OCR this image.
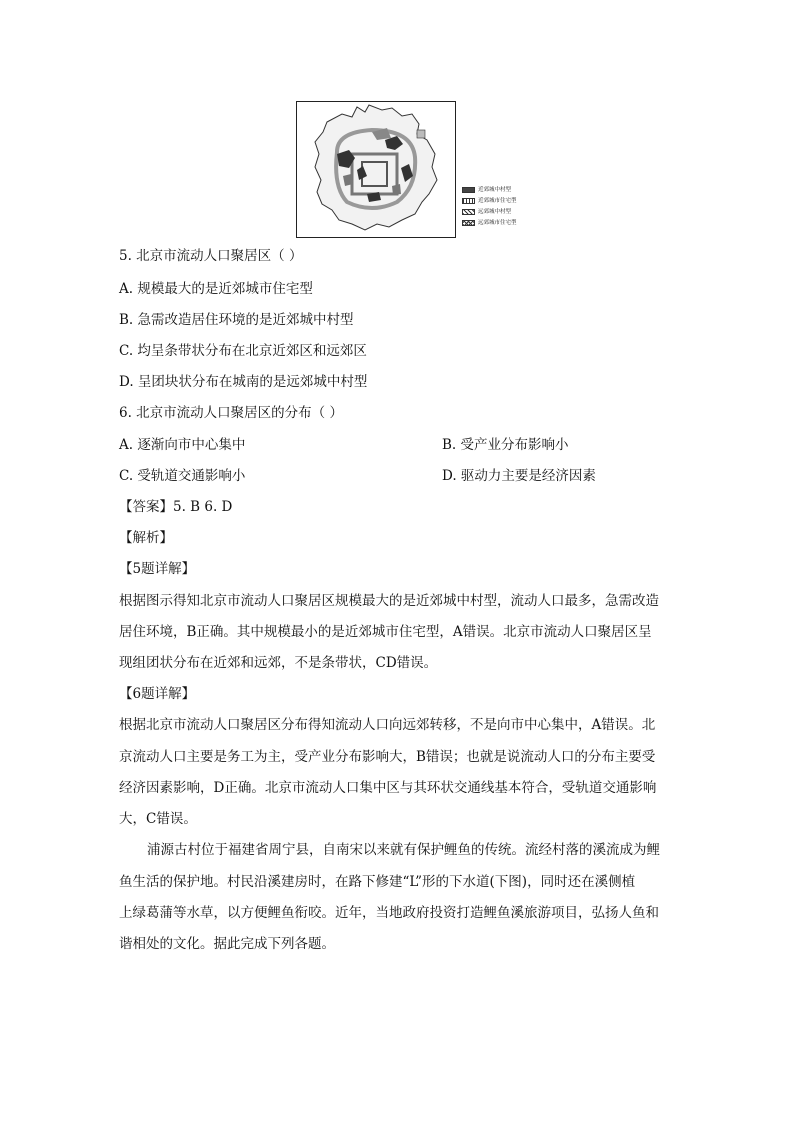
近郊城中村型
近郊城市住宅型
远郊城中村型
远郊城市住宅型
5. 北京市流动人口聚居区（ ）
A. 规模最大的是近郊城市住宅型
B. 急需改造居住环境的是近郊城中村型
C. 均呈条带状分布在北京近郊区和远郊区
D. 呈团块状分布在城南的是远郊城中村型
6. 北京市流动人口聚居区的分布（ ）
A. 逐渐向市中心集中	B. 受产业分布影响小
C. 受轨道交通影响小	D. 驱动力主要是经济因素
【答案】5. B 6. D
【解析】
【5题详解】
根据图示得知北京市流动人口聚居区规模最大的是近郊城中村型，流动人口最多，急需改造
居住环境，B正确。其中规模最小的是近郊城市住宅型，A错误。北京市流动人口聚居区呈
现组团状分布在近郊和远郊，不是条带状，CD错误。
【6题详解】
根据北京市流动人口聚居区分布得知流动人口向远郊转移，不是向市中心集中，A错误。北
京流动人口主要是务工为主，受产业分布影响大，B错误；也就是说流动人口的分布主要受
经济因素影响，D正确。北京市流动人口集中区与其环状交通线基本符合，受轨道交通影响
大，C错误。
浦源古村位于福建省周宁县，自南宋以来就有保护鲤鱼的传统。流经村落的溪流成为鲤
鱼生活的保护地。村民沿溪建房时，在路下修建“L”形的下水道(下图)，同时还在溪侧植
上绿葛蒲等水草，以方便鲤鱼衔咬。近年，当地政府投资打造鲤鱼溪旅游项目，弘扬人鱼和
谐相处的文化。据此完成下列各题。
